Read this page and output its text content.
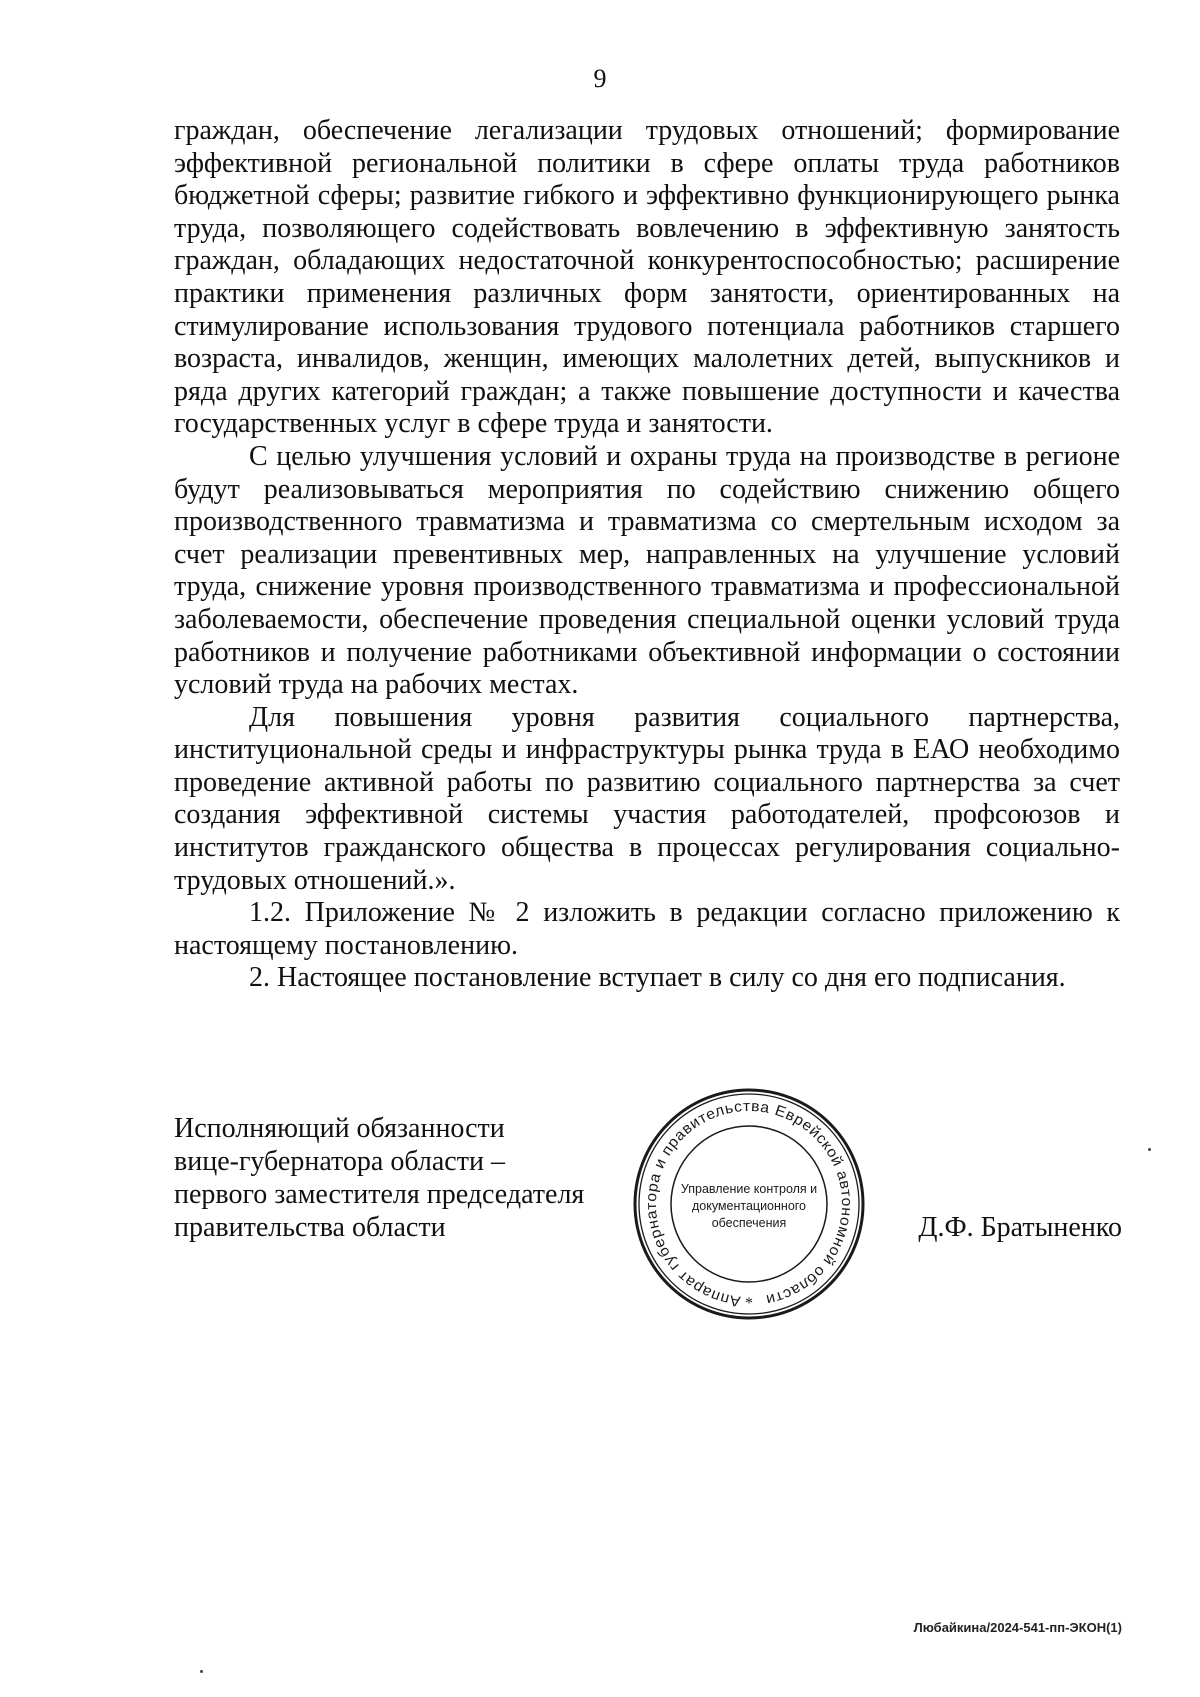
9

граждан, обеспечение легализации трудовых отношений; формирование эффективной региональной политики в сфере оплаты труда работников бюджетной сферы; развитие гибкого и эффективно функционирующего рынка труда, позволяющего содействовать вовлечению в эффективную занятость граждан, обладающих недостаточной конкурентоспособностью; расширение практики применения различных форм занятости, ориентированных на стимулирование использования трудового потенциала работников старшего возраста, инвалидов, женщин, имеющих малолетних детей, выпускников и ряда других категорий граждан; а также повышение доступности и качества государственных услуг в сфере труда и занятости.

С целью улучшения условий и охраны труда на производстве в регионе будут реализовываться мероприятия по содействию снижению общего производственного травматизма и травматизма со смертельным исходом за счет реализации превентивных мер, направленных на улучшение условий труда, снижение уровня производственного травматизма и профессиональной заболеваемости, обеспечение проведения специальной оценки условий труда работников и получение работниками объективной информации о состоянии условий труда на рабочих местах.

Для повышения уровня развития социального партнерства, институциональной среды и инфраструктуры рынка труда в ЕАО необходимо проведение активной работы по развитию социального партнерства за счет создания эффективной системы участия работодателей, профсоюзов и институтов гражданского общества в процессах регулирования социально-трудовых отношений.».

1.2. Приложение № 2 изложить в редакции согласно приложению к настоящему постановлению.

2. Настоящее постановление вступает в силу со дня его подписания.

Исполняющий обязанности
вице-губернатора области –
первого заместителя председателя
правительства области
Аппарат губернатора и правительства Еврейской автономной области
Управление контроля и
документационного
обеспечения
*
Д.Ф. Братыненко
Любайкина/2024-541-пп-ЭКОН(1)
